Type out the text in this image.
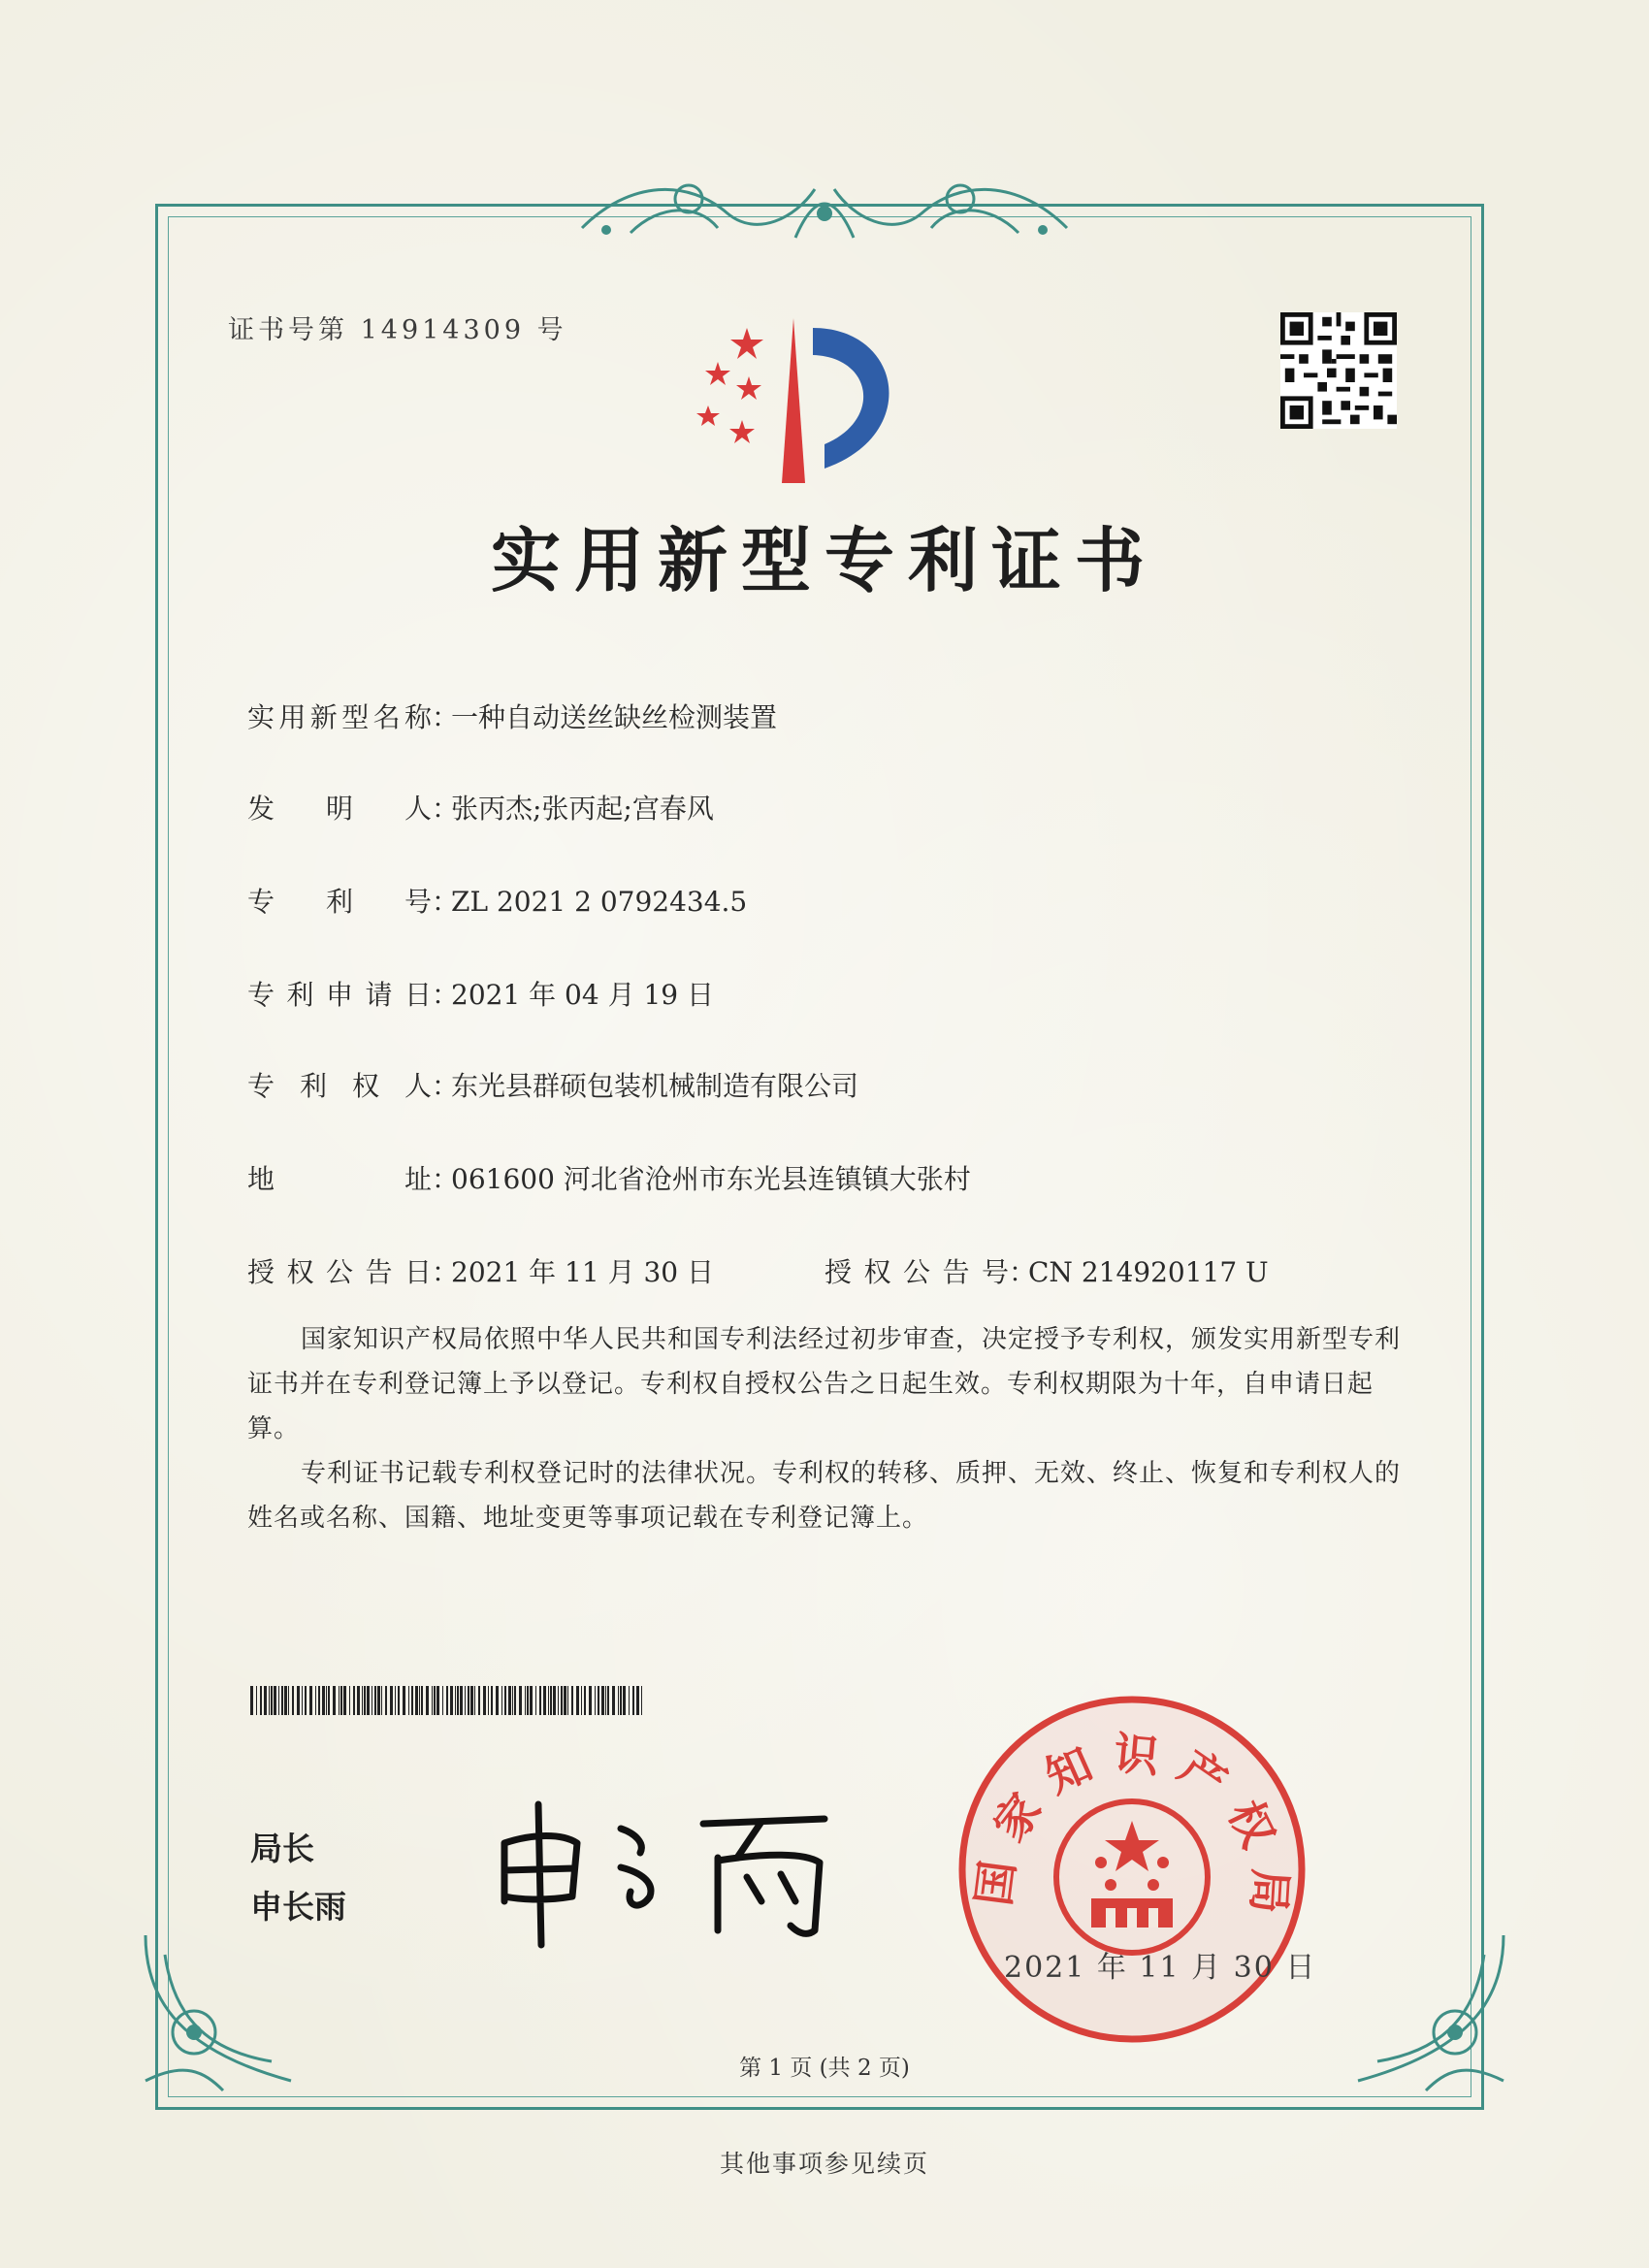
证书号第 14914309 号
实用新型专利证书
实用新型名称：一种自动送丝缺丝检测装置
发明人：张丙杰;张丙起;宫春风
专利号：ZL 2021 2 0792434.5
专利申请日：2021 年 04 月 19 日
专利权人：东光县群硕包装机械制造有限公司
地址：061600 河北省沧州市东光县连镇镇大张村
授权公告日：2021 年 11 月 30 日	授权公告号：CN 214920117 U
国家知识产权局依照中华人民共和国专利法经过初步审查，决定授予专利权，颁发实用新型专利证书并在专利登记簿上予以登记。专利权自授权公告之日起生效。专利权期限为十年，自申请日起算。
专利证书记载专利权登记时的法律状况。专利权的转移、质押、无效、终止、恢复和专利权人的姓名或名称、国籍、地址变更等事项记载在专利登记簿上。
局长
申长雨	国家知识产权局
2021 年 11 月 30 日
第 1 页 (共 2 页)
其他事项参见续页
